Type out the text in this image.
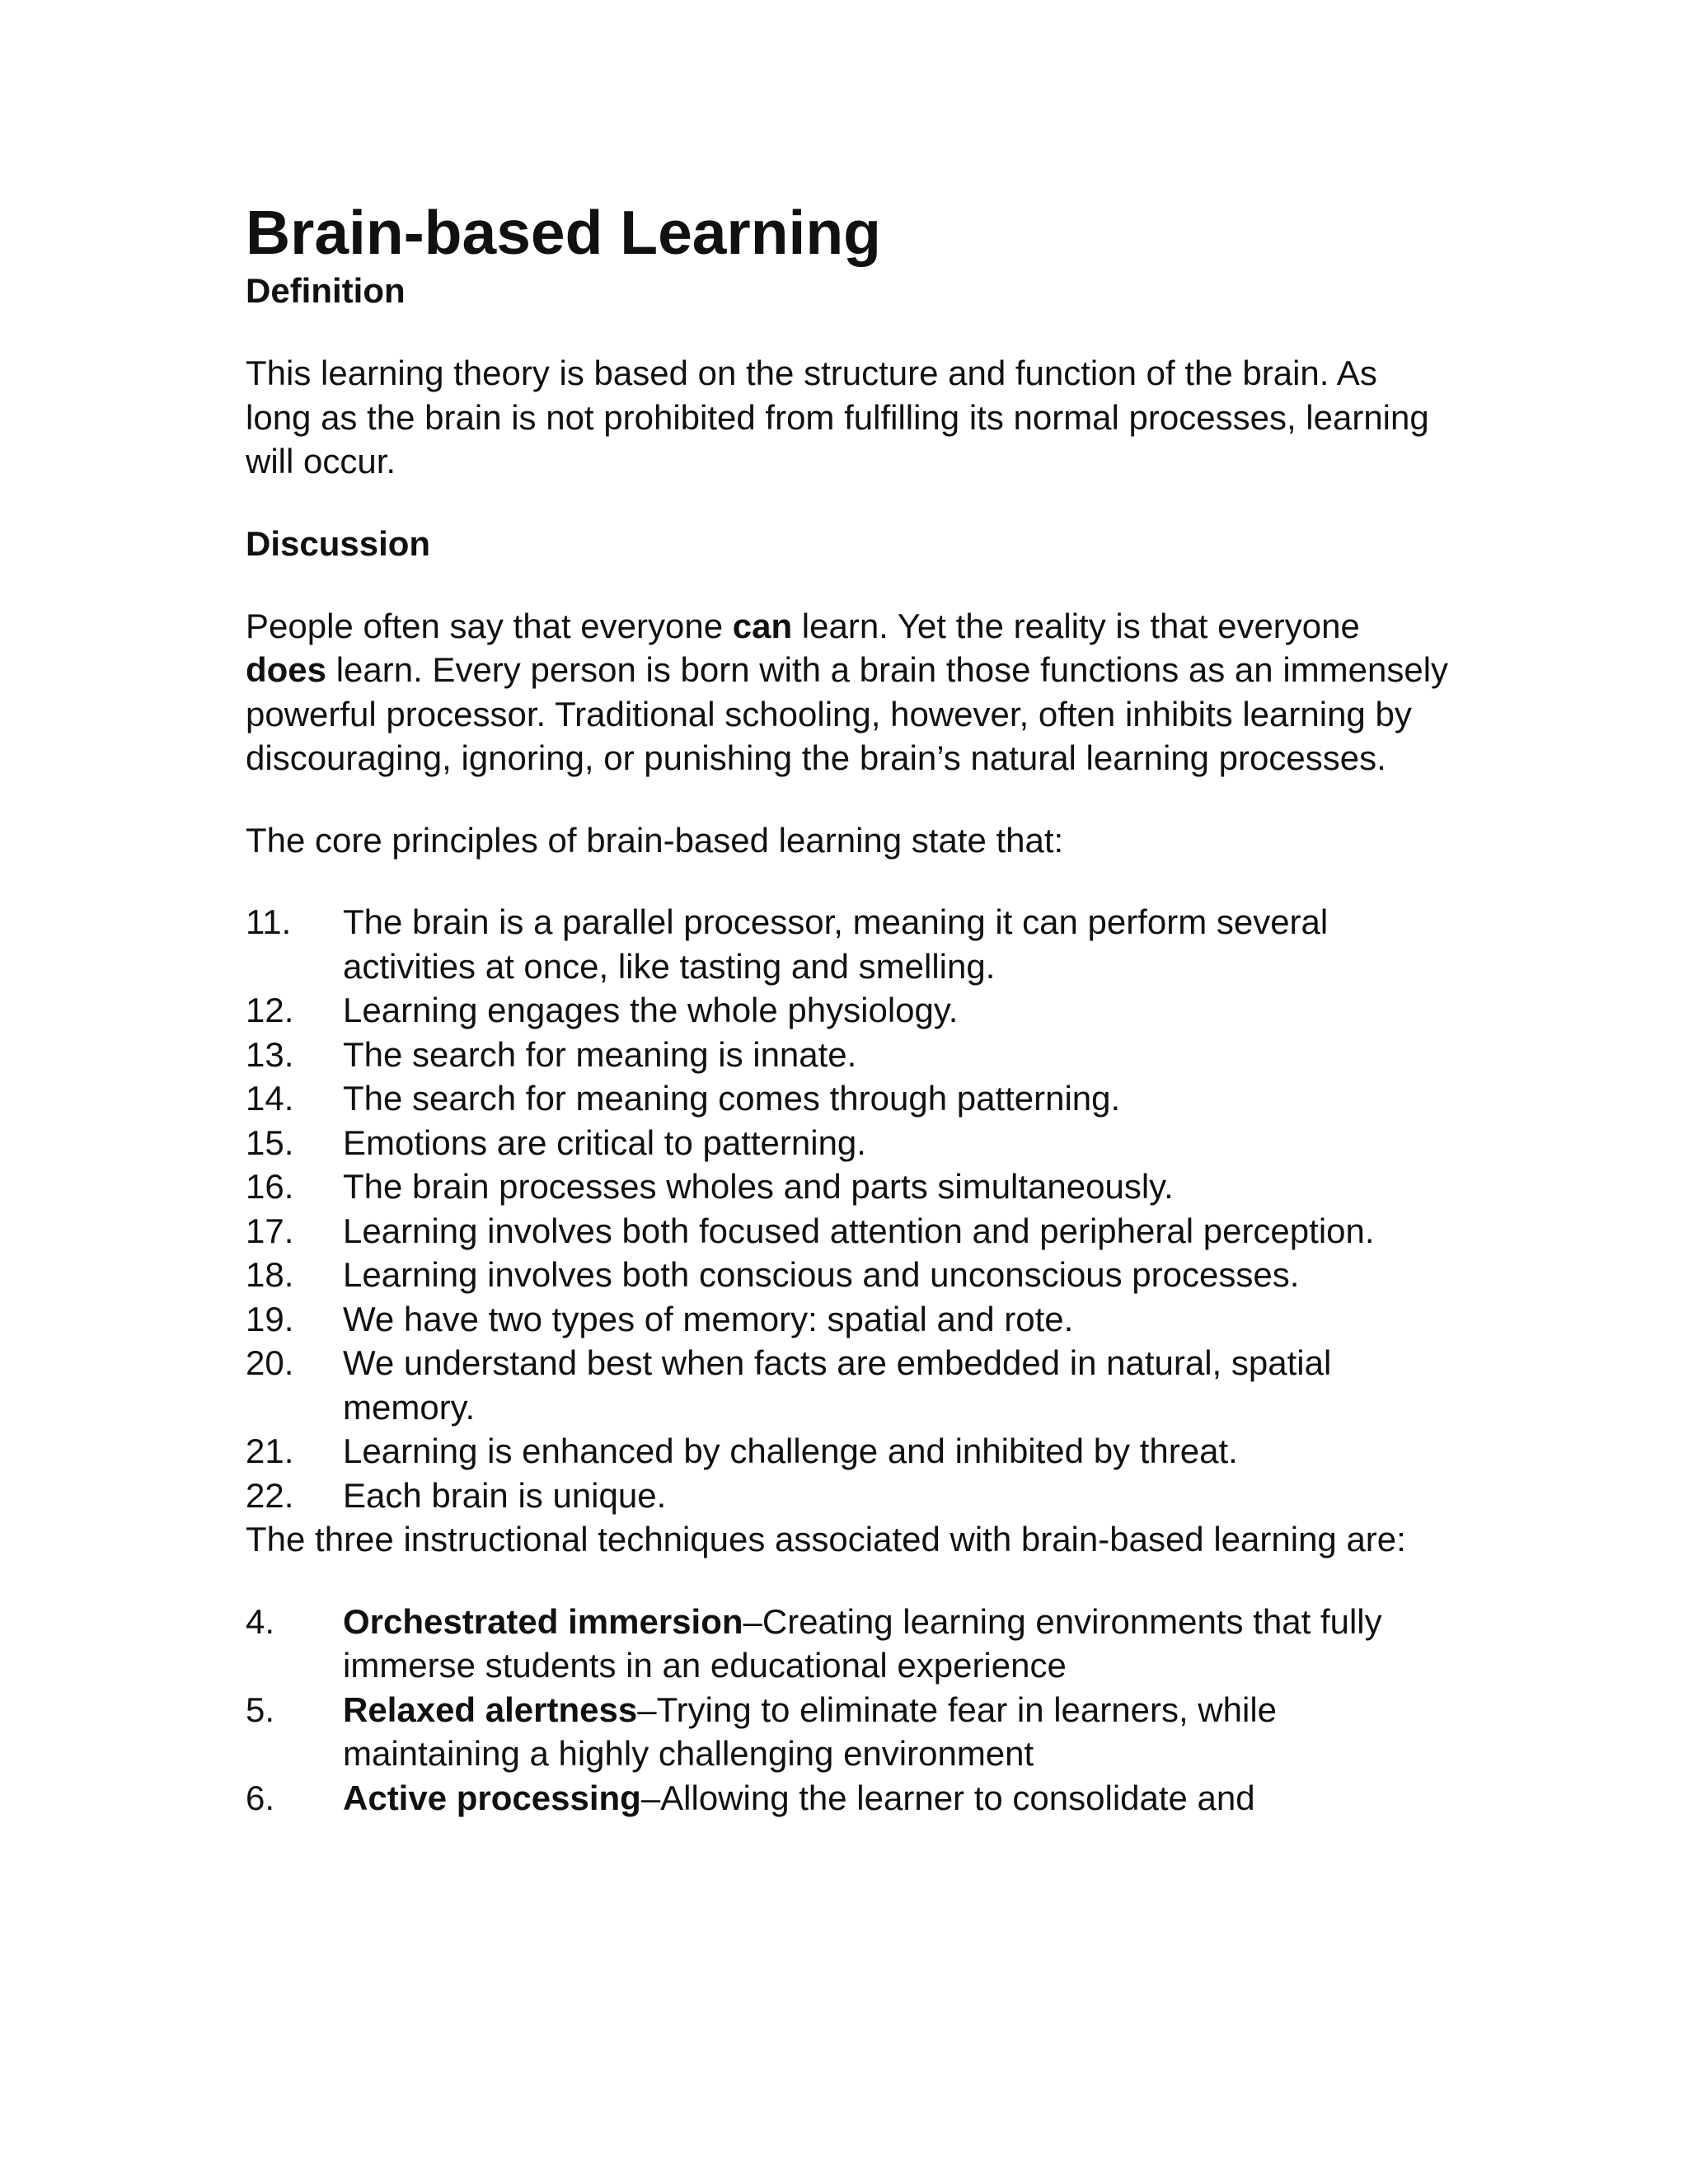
Brain-based Learning
Definition

This learning theory is based on the structure and function of the brain. As long as the brain is not prohibited from fulfilling its normal processes, learning will occur.

Discussion

People often say that everyone can learn. Yet the reality is that everyone does learn. Every person is born with a brain those functions as an immensely powerful processor. Traditional schooling, however, often inhibits learning by discouraging, ignoring, or punishing the brain’s natural learning processes.

The core principles of brain-based learning state that:

11.	The brain is a parallel processor, meaning it can perform several activities at once, like tasting and smelling.
12.	Learning engages the whole physiology.
13.	The search for meaning is innate.
14.	The search for meaning comes through patterning.
15.	Emotions are critical to patterning.
16.	The brain processes wholes and parts simultaneously.
17.	Learning involves both focused attention and peripheral perception.
18.	Learning involves both conscious and unconscious processes.
19.	We have two types of memory: spatial and rote.
20.	We understand best when facts are embedded in natural, spatial memory.
21.	Learning is enhanced by challenge and inhibited by threat.
22.	Each brain is unique.

The three instructional techniques associated with brain-based learning are:

4.	Orchestrated immersion–Creating learning environments that fully immerse students in an educational experience
5.	Relaxed alertness–Trying to eliminate fear in learners, while maintaining a highly challenging environment
6.	Active processing–Allowing the learner to consolidate and
